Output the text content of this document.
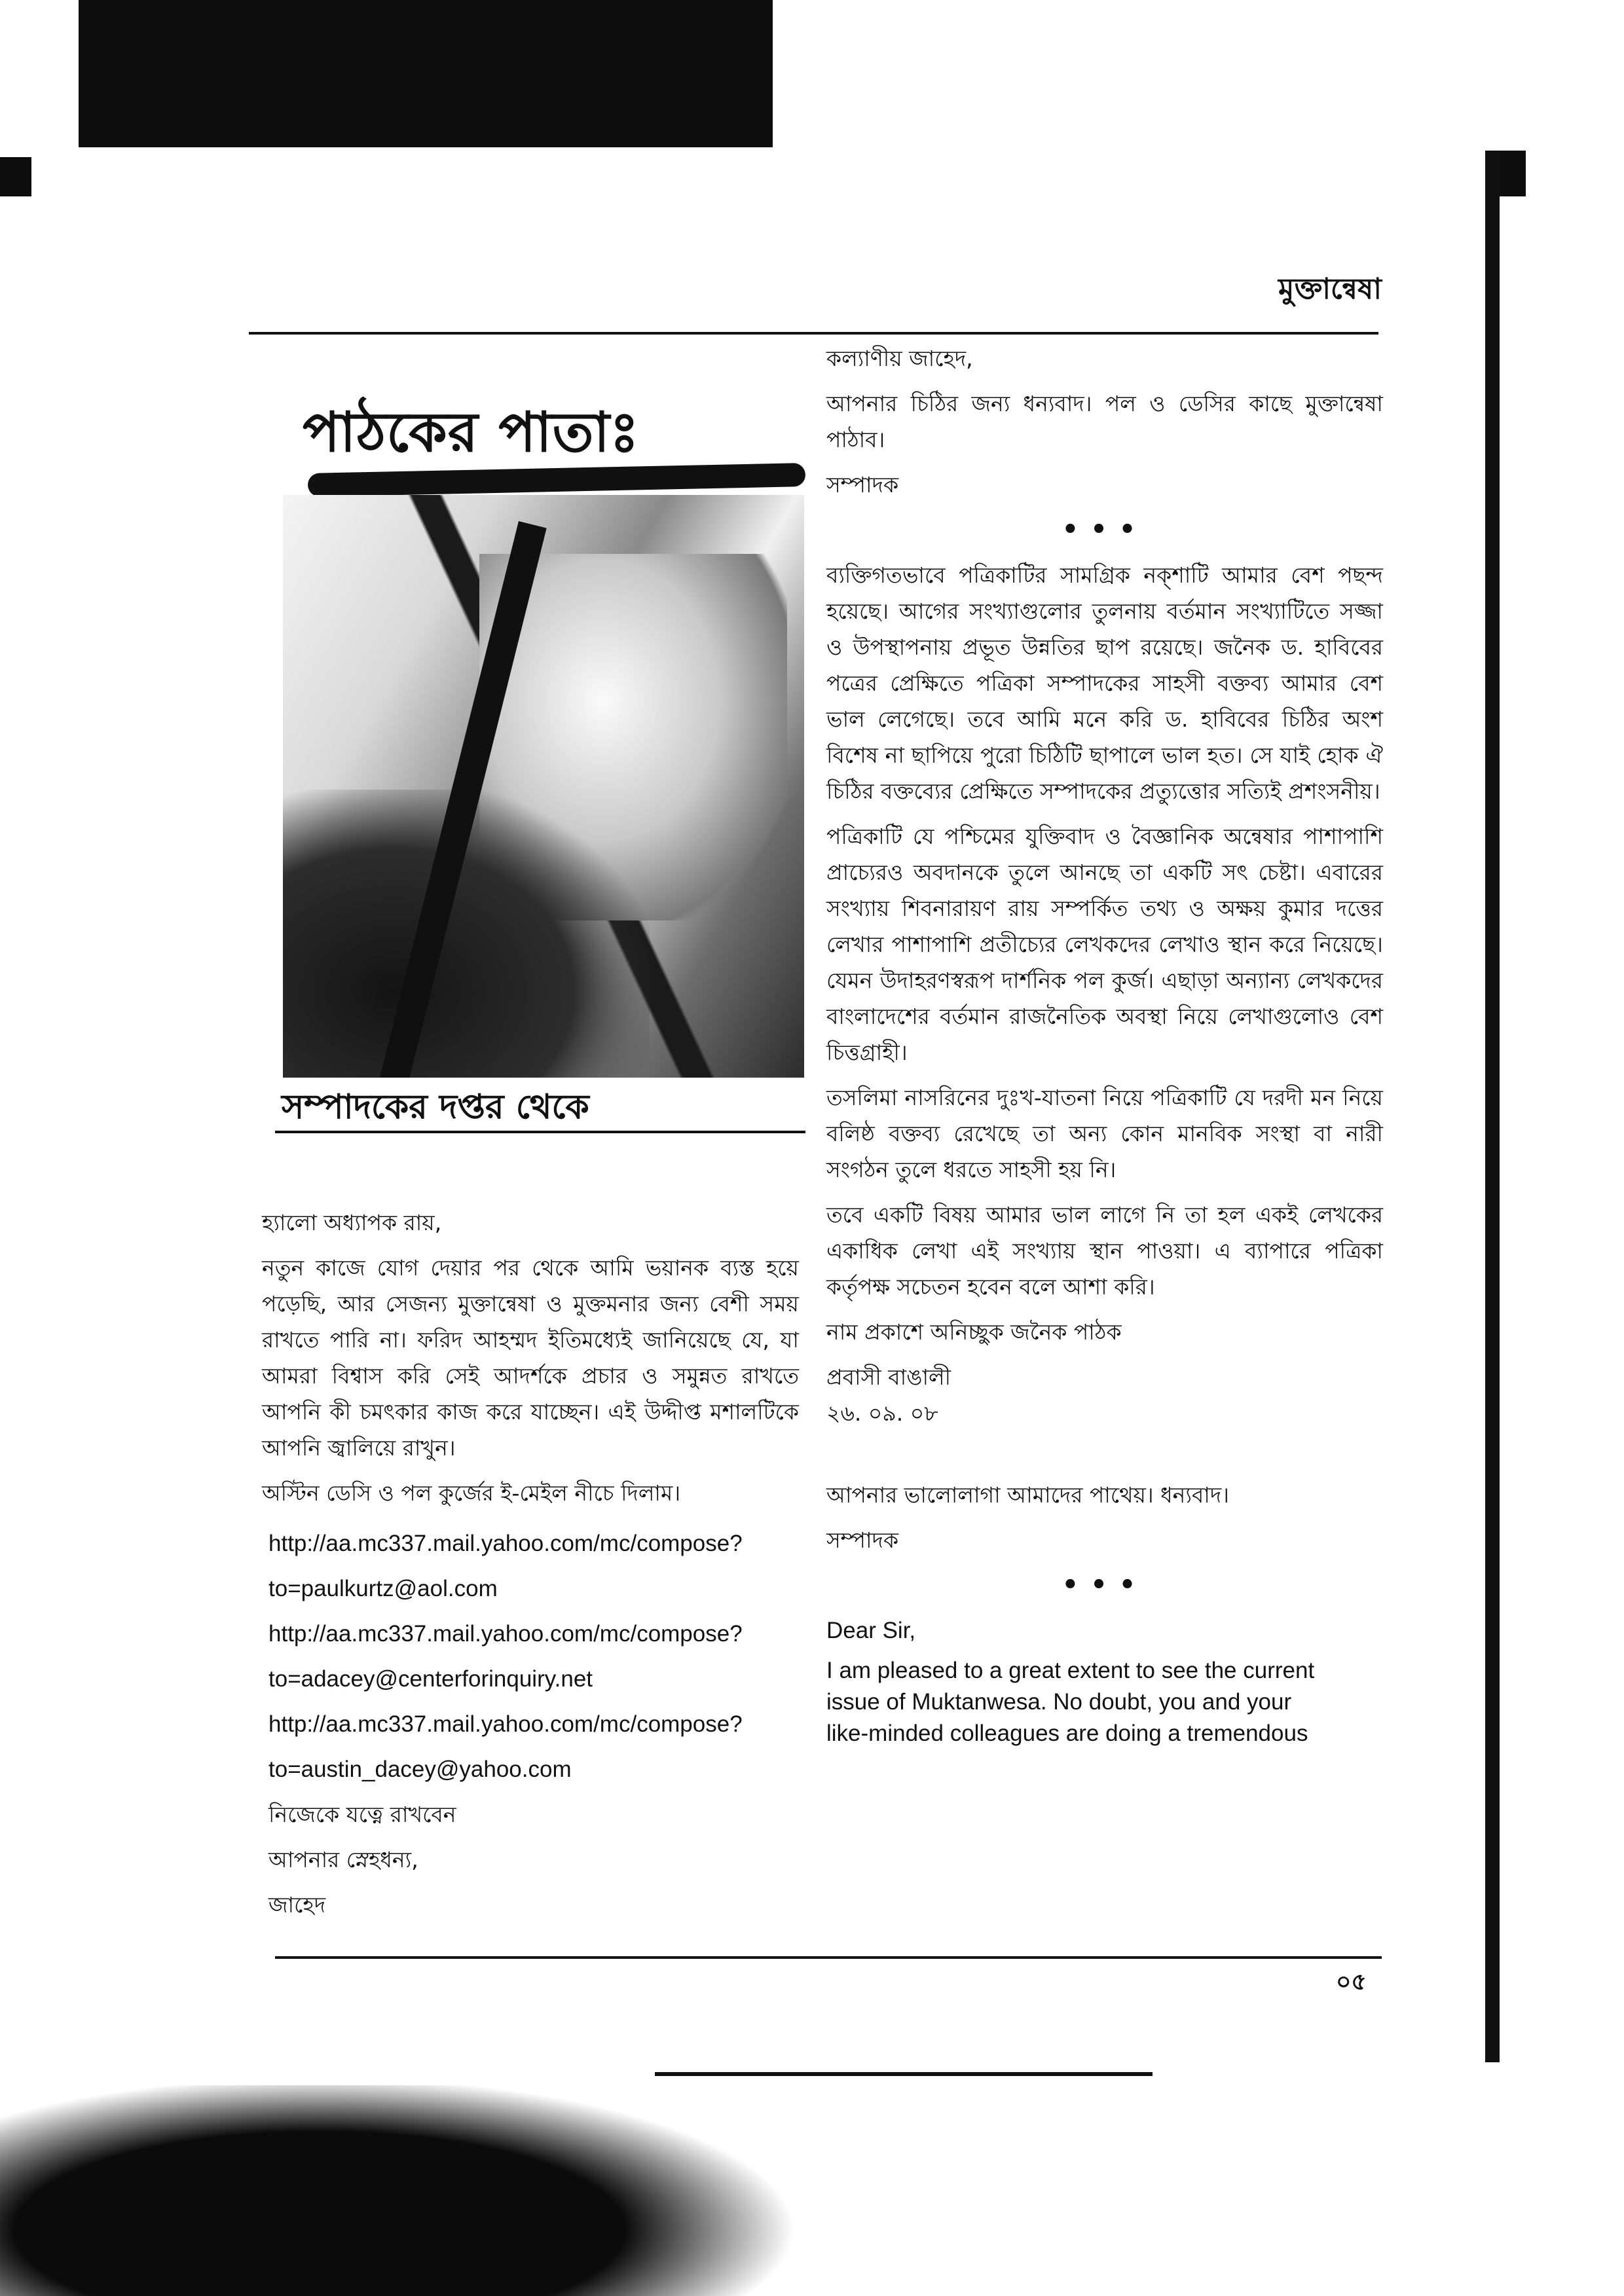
মুক্তান্বেষা
পাঠকের পাতাঃ
সম্পাদকের দপ্তর থেকে

হ্যালো অধ্যাপক রায়,

নতুন কাজে যোগ দেয়ার পর থেকে আমি ভয়ানক ব্যস্ত হয়ে পড়েছি, আর সেজন্য মুক্তান্বেষা ও মুক্তমনার জন্য বেশী সময় রাখতে পারি না। ফরিদ আহম্মদ ইতিমধ্যেই জানিয়েছে যে, যা আমরা বিশ্বাস করি সেই আদর্শকে প্রচার ও সমুন্নত রাখতে আপনি কী চমৎকার কাজ করে যাচ্ছেন। এই উদ্দীপ্ত মশালটিকে আপনি জ্বালিয়ে রাখুন।

অস্টিন ডেসি ও পল কুর্জের ই-মেইল নীচে দিলাম।

http://aa.mc337.mail.yahoo.com/mc/compose?

to=paulkurtz@aol.com

http://aa.mc337.mail.yahoo.com/mc/compose?

to=adacey@centerforinquiry.net

http://aa.mc337.mail.yahoo.com/mc/compose?

to=austin_dacey@yahoo.com

নিজেকে যত্নে রাখবেন

আপনার স্নেহধন্য,

জাহেদ

কল্যাণীয় জাহেদ,

আপনার চিঠির জন্য ধন্যবাদ। পল ও ডেসির কাছে মুক্তান্বেষা পাঠাব।

সম্পাদক

•••

ব্যক্তিগতভাবে পত্রিকাটির সামগ্রিক নক্‌শাটি আমার বেশ পছন্দ হয়েছে। আগের সংখ্যাগুলোর তুলনায় বর্তমান সংখ্যাটিতে সজ্জা ও উপস্থাপনায় প্রভূত উন্নতির ছাপ রয়েছে। জনৈক ড. হাবিবের পত্রের প্রেক্ষিতে পত্রিকা সম্পাদকের সাহসী বক্তব্য আমার বেশ ভাল লেগেছে। তবে আমি মনে করি ড. হাবিবের চিঠির অংশ বিশেষ না ছাপিয়ে পুরো চিঠিটি ছাপালে ভাল হত। সে যাই হোক ঐ চিঠির বক্তব্যের প্রেক্ষিতে সম্পাদকের প্রত্যুত্তোর সত্যিই প্রশংসনীয়।

পত্রিকাটি যে পশ্চিমের যুক্তিবাদ ও বৈজ্ঞানিক অন্বেষার পাশাপাশি প্রাচ্যেরও অবদানকে তুলে আনছে তা একটি সৎ চেষ্টা। এবারের সংখ্যায় শিবনারায়ণ রায় সম্পর্কিত তথ্য ও অক্ষয় কুমার দত্তের লেখার পাশাপাশি প্রতীচ্যের লেখকদের লেখাও স্থান করে নিয়েছে। যেমন উদাহরণস্বরূপ দার্শনিক পল কুর্জ। এছাড়া অন্যান্য লেখকদের বাংলাদেশের বর্তমান রাজনৈতিক অবস্থা নিয়ে লেখাগুলোও বেশ চিত্তগ্রাহী।

তসলিমা নাসরিনের দুঃখ-যাতনা নিয়ে পত্রিকাটি যে দরদী মন নিয়ে বলিষ্ঠ বক্তব্য রেখেছে তা অন্য কোন মানবিক সংস্থা বা নারী সংগঠন তুলে ধরতে সাহসী হয় নি।

তবে একটি বিষয় আমার ভাল লাগে নি তা হল একই লেখকের একাধিক লেখা এই সংখ্যায় স্থান পাওয়া। এ ব্যাপারে পত্রিকা কর্তৃপক্ষ সচেতন হবেন বলে আশা করি।

নাম প্রকাশে অনিচ্ছুক জনৈক পাঠক

প্রবাসী বাঙালী

২৬. ০৯. ০৮

আপনার ভালোলাগা আমাদের পাথেয়। ধন্যবাদ।

সম্পাদক

•••

Dear Sir,

I am pleased to a great extent to see the current

issue of Muktanwesa. No doubt, you and your

like-minded colleagues are doing a tremendous

০৫
